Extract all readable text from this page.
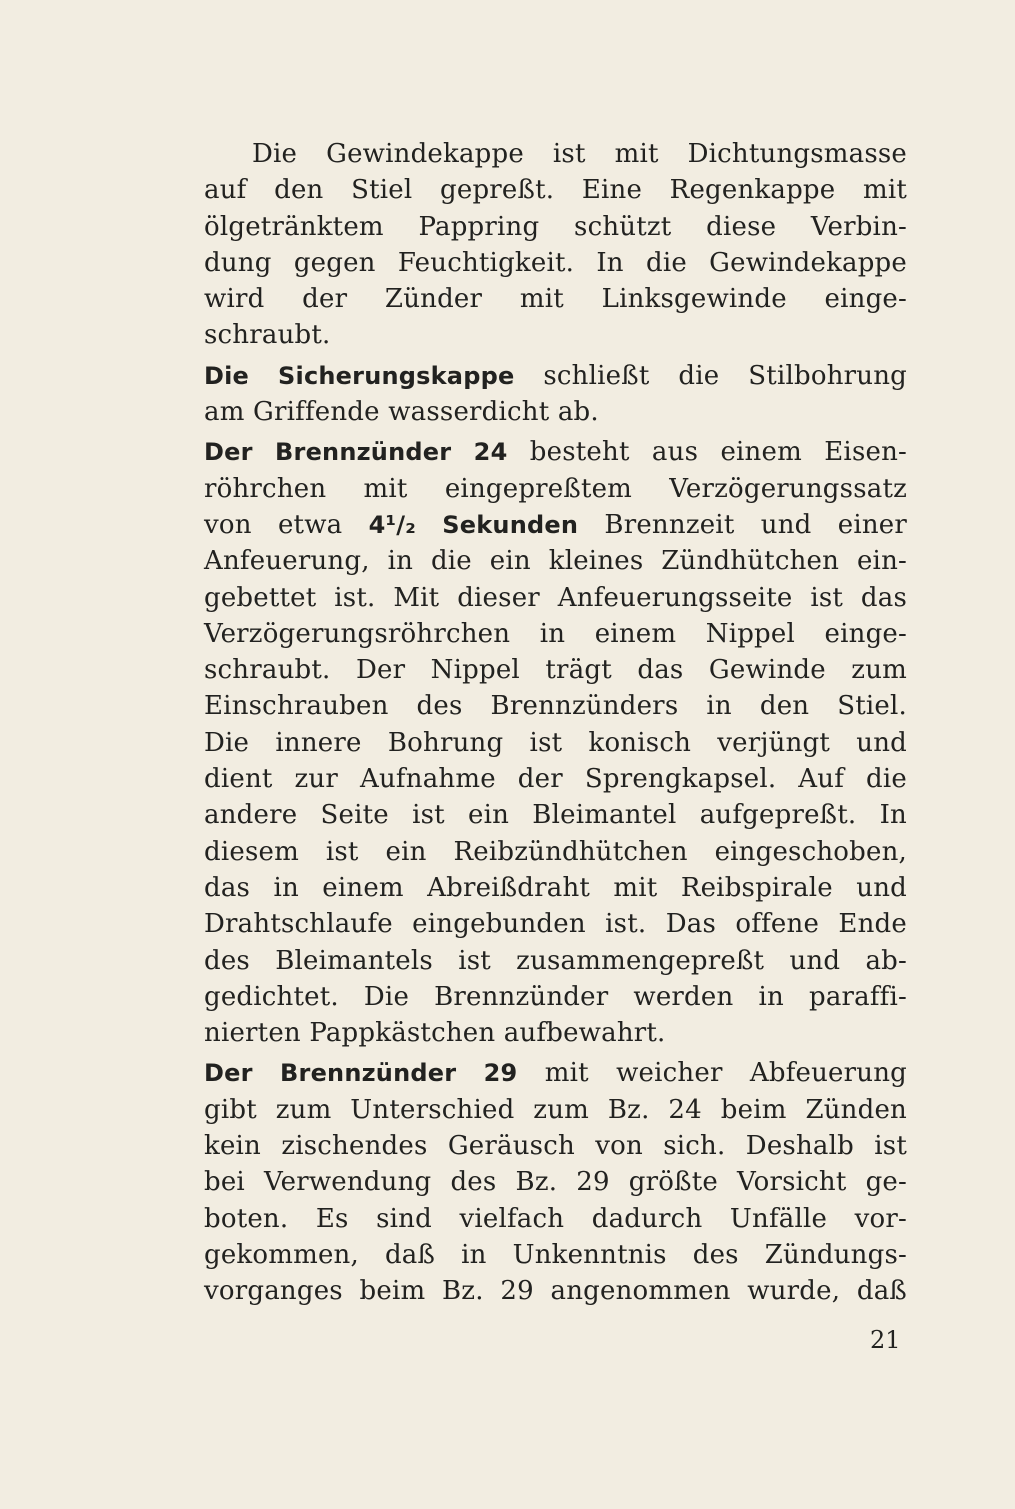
Die Gewindekappe ist mit Dichtungsmasse
auf den Stiel gepreßt. Eine Regenkappe mit
ölgetränktem Pappring schützt diese Verbin-
dung gegen Feuchtigkeit. In die Gewindekappe
wird der Zünder mit Linksgewinde einge-
schraubt.
Die Sicherungskappe schließt die Stilbohrung
am Griffende wasserdicht ab.
Der Brennzünder 24 besteht aus einem Eisen-
röhrchen mit eingepreßtem Verzögerungssatz
von etwa 4¹/₂ Sekunden Brennzeit und einer
Anfeuerung, in die ein kleines Zündhütchen ein-
gebettet ist. Mit dieser Anfeuerungsseite ist das
Verzögerungsröhrchen in einem Nippel einge-
schraubt. Der Nippel trägt das Gewinde zum
Einschrauben des Brennzünders in den Stiel.
Die innere Bohrung ist konisch verjüngt und
dient zur Aufnahme der Sprengkapsel. Auf die
andere Seite ist ein Bleimantel aufgepreßt. In
diesem ist ein Reibzündhütchen eingeschoben,
das in einem Abreißdraht mit Reibspirale und
Drahtschlaufe eingebunden ist. Das offene Ende
des Bleimantels ist zusammengepreßt und ab-
gedichtet. Die Brennzünder werden in paraffi-
nierten Pappkästchen aufbewahrt.
Der Brennzünder 29 mit weicher Abfeuerung
gibt zum Unterschied zum Bz. 24 beim Zünden
kein zischendes Geräusch von sich. Deshalb ist
bei Verwendung des Bz. 29 größte Vorsicht ge-
boten. Es sind vielfach dadurch Unfälle vor-
gekommen, daß in Unkenntnis des Zündungs-
vorganges beim Bz. 29 angenommen wurde, daß
21
